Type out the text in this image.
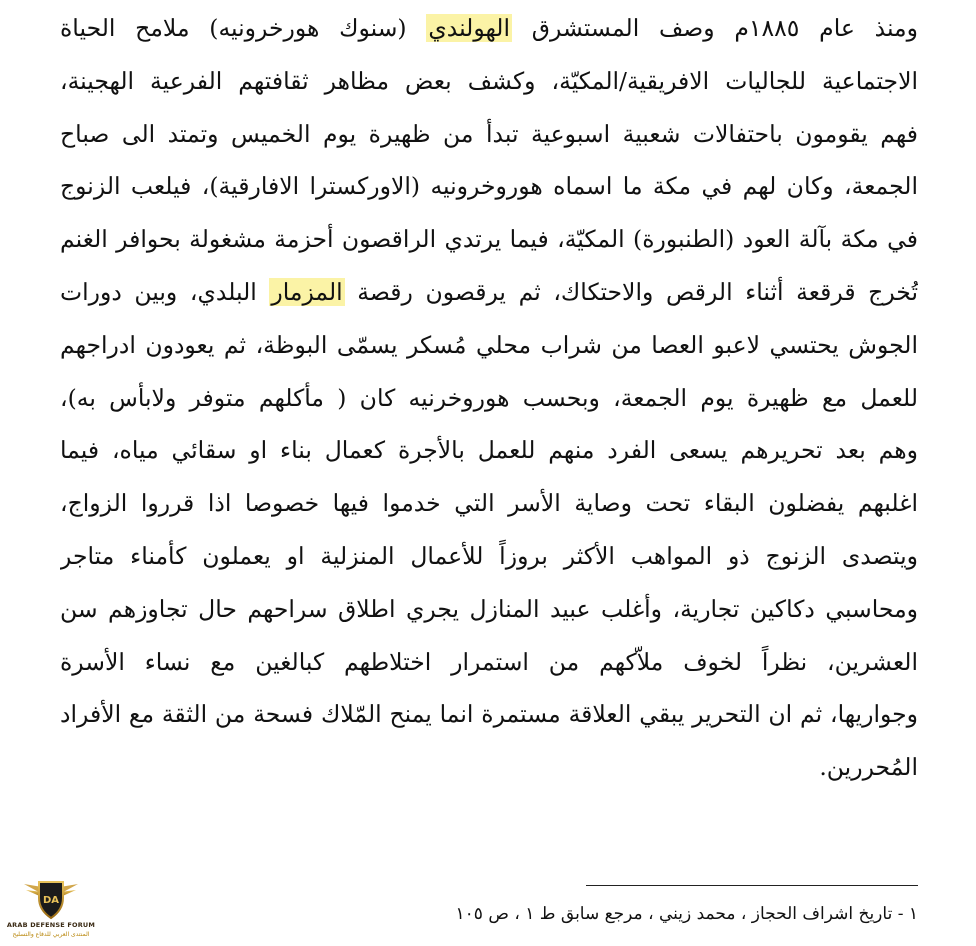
ومنذ عام ١٨٨٥م وصف المستشرق الهولندي (سنوك هورخرونيه) ملامح الحياة
الاجتماعية للجاليات الافريقية/المكيّة، وكشف بعض مظاهر ثقافتهم الفرعية الهجينة،
فهم يقومون باحتفالات شعبية اسبوعية تبدأ من ظهيرة يوم الخميس وتمتد الى صباح
الجمعة، وكان لهم في مكة ما اسماه هوروخرونيه (الاوركسترا الافارقية)، فيلعب الزنوج
في مكة بآلة العود (الطنبورة) المكيّة، فيما يرتدي الراقصون أحزمة مشغولة بحوافر الغنم
تُخرج قرقعة أثناء الرقص والاحتكاك، ثم يرقصون رقصة المزمار البلدي، وبين دورات
الجوش يحتسي لاعبو العصا من شراب محلي مُسكر يسمّى البوظة، ثم يعودون ادراجهم
للعمل مع ظهيرة يوم الجمعة، وبحسب هوروخرنيه كان ( مأكلهم متوفر ولابأس به)،
وهم بعد تحريرهم يسعى الفرد منهم للعمل بالأجرة كعمال بناء او سقائي مياه، فيما
اغلبهم يفضلون البقاء تحت وصاية الأسر التي خدموا فيها خصوصا اذا قرروا الزواج،
ويتصدى الزنوج ذو المواهب الأكثر بروزاً للأعمال المنزلية او يعملون كأمناء متاجر
ومحاسبي دكاكين تجارية، وأغلب عبيد المنازل يجري اطلاق سراحهم حال تجاوزهم سن
العشرين، نظراً لخوف ملاّكهم من استمرار اختلاطهم كبالغين مع نساء الأسرة
وجواريها، ثم ان التحرير يبقي العلاقة مستمرة انما يمنح المّلاك فسحة من الثقة مع الأفراد
المُحررين.
١ - تاريخ اشراف الحجاز ، محمد زيني ، مرجع سابق ط ١ ، ص ١٠٥
DA
ARAB DEFENSE FORUM
المنتدى العربي للدفاع والتسليح
